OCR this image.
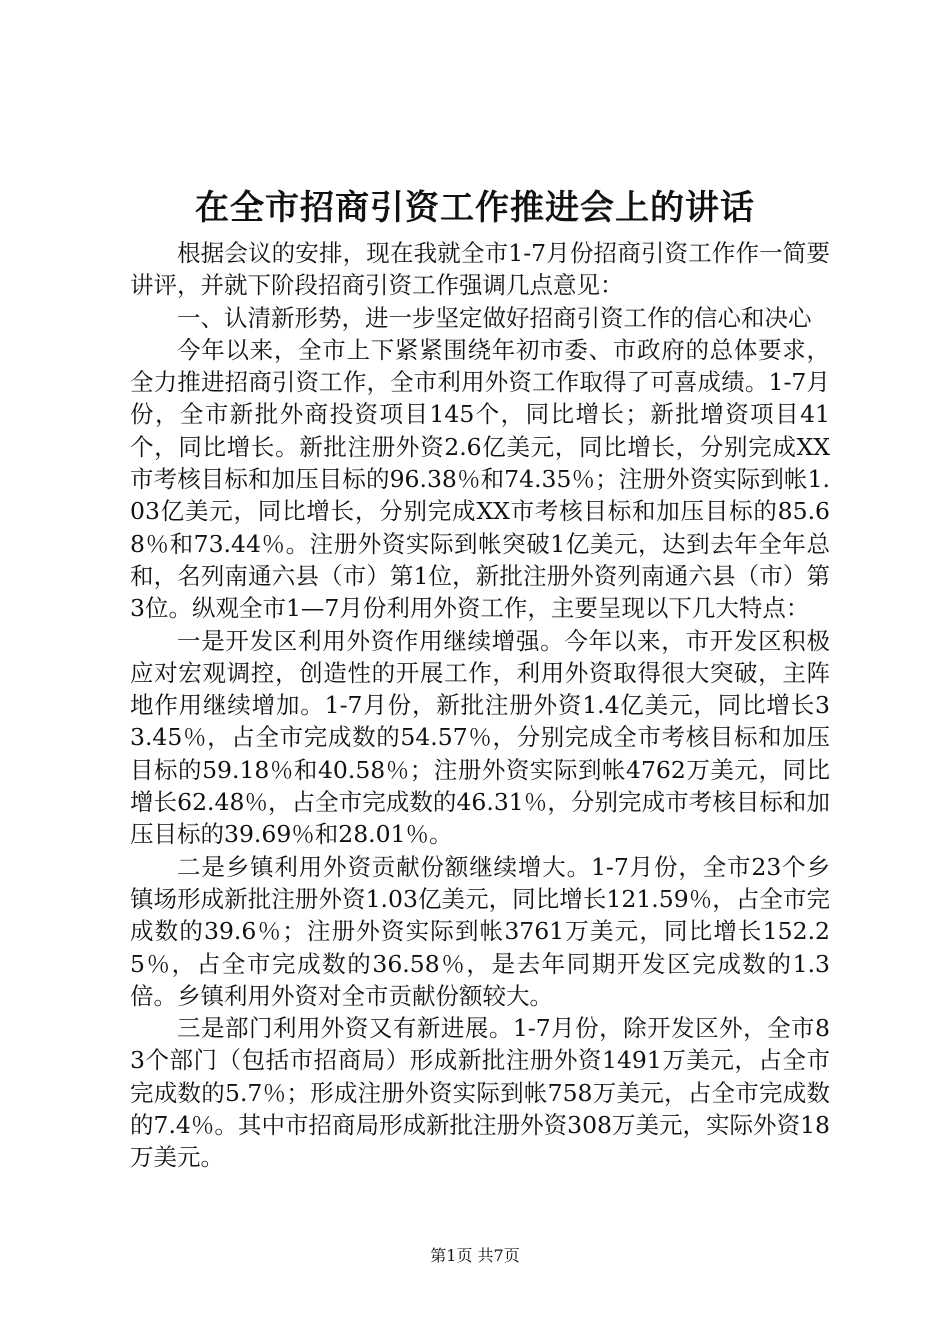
在全市招商引资工作推进会上的讲话

根据会议的安排，现在我就全市1-7月份招商引资工作作一简要讲评，并就下阶段招商引资工作强调几点意见：

一、认清新形势，进一步坚定做好招商引资工作的信心和决心

今年以来，全市上下紧紧围绕年初市委、市政府的总体要求，全力推进招商引资工作，全市利用外资工作取得了可喜成绩。1-7月份，全市新批外商投资项目145个，同比增长；新批增资项目41个，同比增长。新批注册外资2.6亿美元，同比增长，分别完成XX市考核目标和加压目标的96.38％和74.35％；注册外资实际到帐1.03亿美元，同比增长，分别完成XX市考核目标和加压目标的85.68％和73.44％。注册外资实际到帐突破1亿美元，达到去年全年总和，名列南通六县（市）第1位，新批注册外资列南通六县（市）第3位。纵观全市1—7月份利用外资工作，主要呈现以下几大特点：

一是开发区利用外资作用继续增强。今年以来，市开发区积极应对宏观调控，创造性的开展工作，利用外资取得很大突破，主阵地作用继续增加。1-7月份，新批注册外资1.4亿美元，同比增长33.45％，占全市完成数的54.57％，分别完成全市考核目标和加压目标的59.18％和40.58％；注册外资实际到帐4762万美元，同比增长62.48％，占全市完成数的46.31％，分别完成市考核目标和加压目标的39.69％和28.01％。

二是乡镇利用外资贡献份额继续增大。1-7月份，全市23个乡镇场形成新批注册外资1.03亿美元，同比增长121.59％，占全市完成数的39.6％；注册外资实际到帐3761万美元，同比增长152.25％，占全市完成数的36.58％，是去年同期开发区完成数的1.3倍。乡镇利用外资对全市贡献份额较大。

三是部门利用外资又有新进展。1-7月份，除开发区外，全市83个部门（包括市招商局）形成新批注册外资1491万美元，占全市完成数的5.7％；形成注册外资实际到帐758万美元，占全市完成数的7.4％。其中市招商局形成新批注册外资308万美元，实际外资18万美元。

第1页 共7页
